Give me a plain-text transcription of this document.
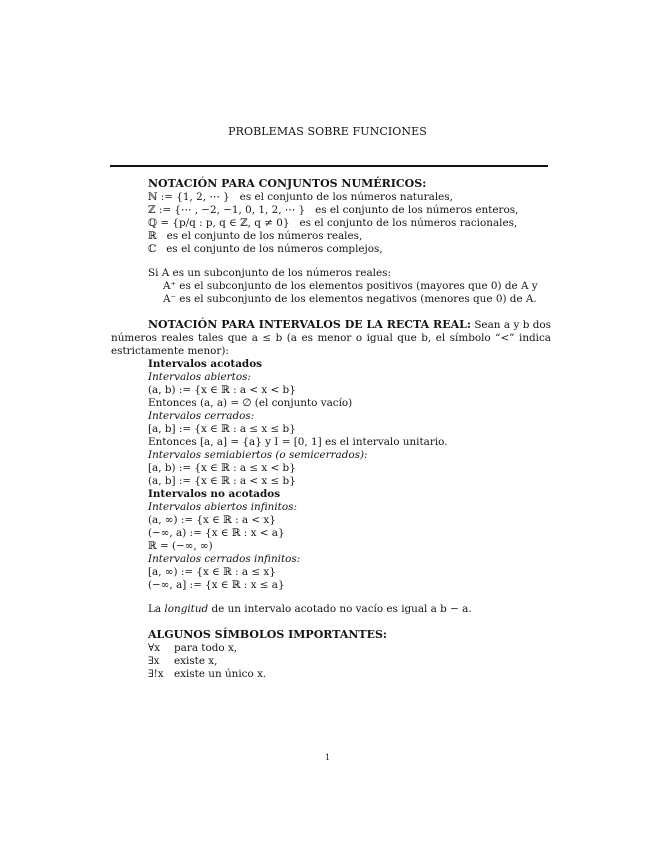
PROBLEMAS SOBRE FUNCIONES
NOTACIÓN PARA CONJUNTOS NUMÉRICOS:
ℕ := {1, 2, ⋯ } es el conjunto de los números naturales,
ℤ := {⋯ , −2, −1, 0, 1, 2, ⋯ } es el conjunto de los números enteros,
ℚ = {p/q : p, q ∈ ℤ, q ≠ 0} es el conjunto de los números racionales,
ℝ es el conjunto de los números reales,
ℂ es el conjunto de los números complejos,
Si A es un subconjunto de los números reales:
A⁺ es el subconjunto de los elementos positivos (mayores que 0) de A y
A⁻ es el subconjunto de los elementos negativos (menores que 0) de A.
NOTACIÓN PARA INTERVALOS DE LA RECTA REAL: Sean a y b dos números reales tales que a ≤ b (a es menor o igual que b, el símbolo “<” indica estrictamente menor):
Intervalos acotados
Intervalos abiertos:
(a, b) := {x ∈ ℝ : a < x < b}
Entonces (a, a) = ∅ (el conjunto vacío)
Intervalos cerrados:
[a, b] := {x ∈ ℝ : a ≤ x ≤ b}
Entonces [a, a] = {a} y I = [0, 1] es el intervalo unitario.
Intervalos semiabiertos (o semicerrados):
[a, b) := {x ∈ ℝ : a ≤ x < b}
(a, b] := {x ∈ ℝ : a < x ≤ b}
Intervalos no acotados
Intervalos abiertos infinitos:
(a, ∞) := {x ∈ ℝ : a < x}
(−∞, a) := {x ∈ ℝ : x < a}
ℝ = (−∞, ∞)
Intervalos cerrados infinitos:
[a, ∞) := {x ∈ ℝ : a ≤ x}
(−∞, a] := {x ∈ ℝ : x ≤ a}
La longitud de un intervalo acotado no vacío es igual a b − a.
ALGUNOS SÍMBOLOS IMPORTANTES:
∀x para todo x,
∃x existe x,
∃!x existe un único x.
1
